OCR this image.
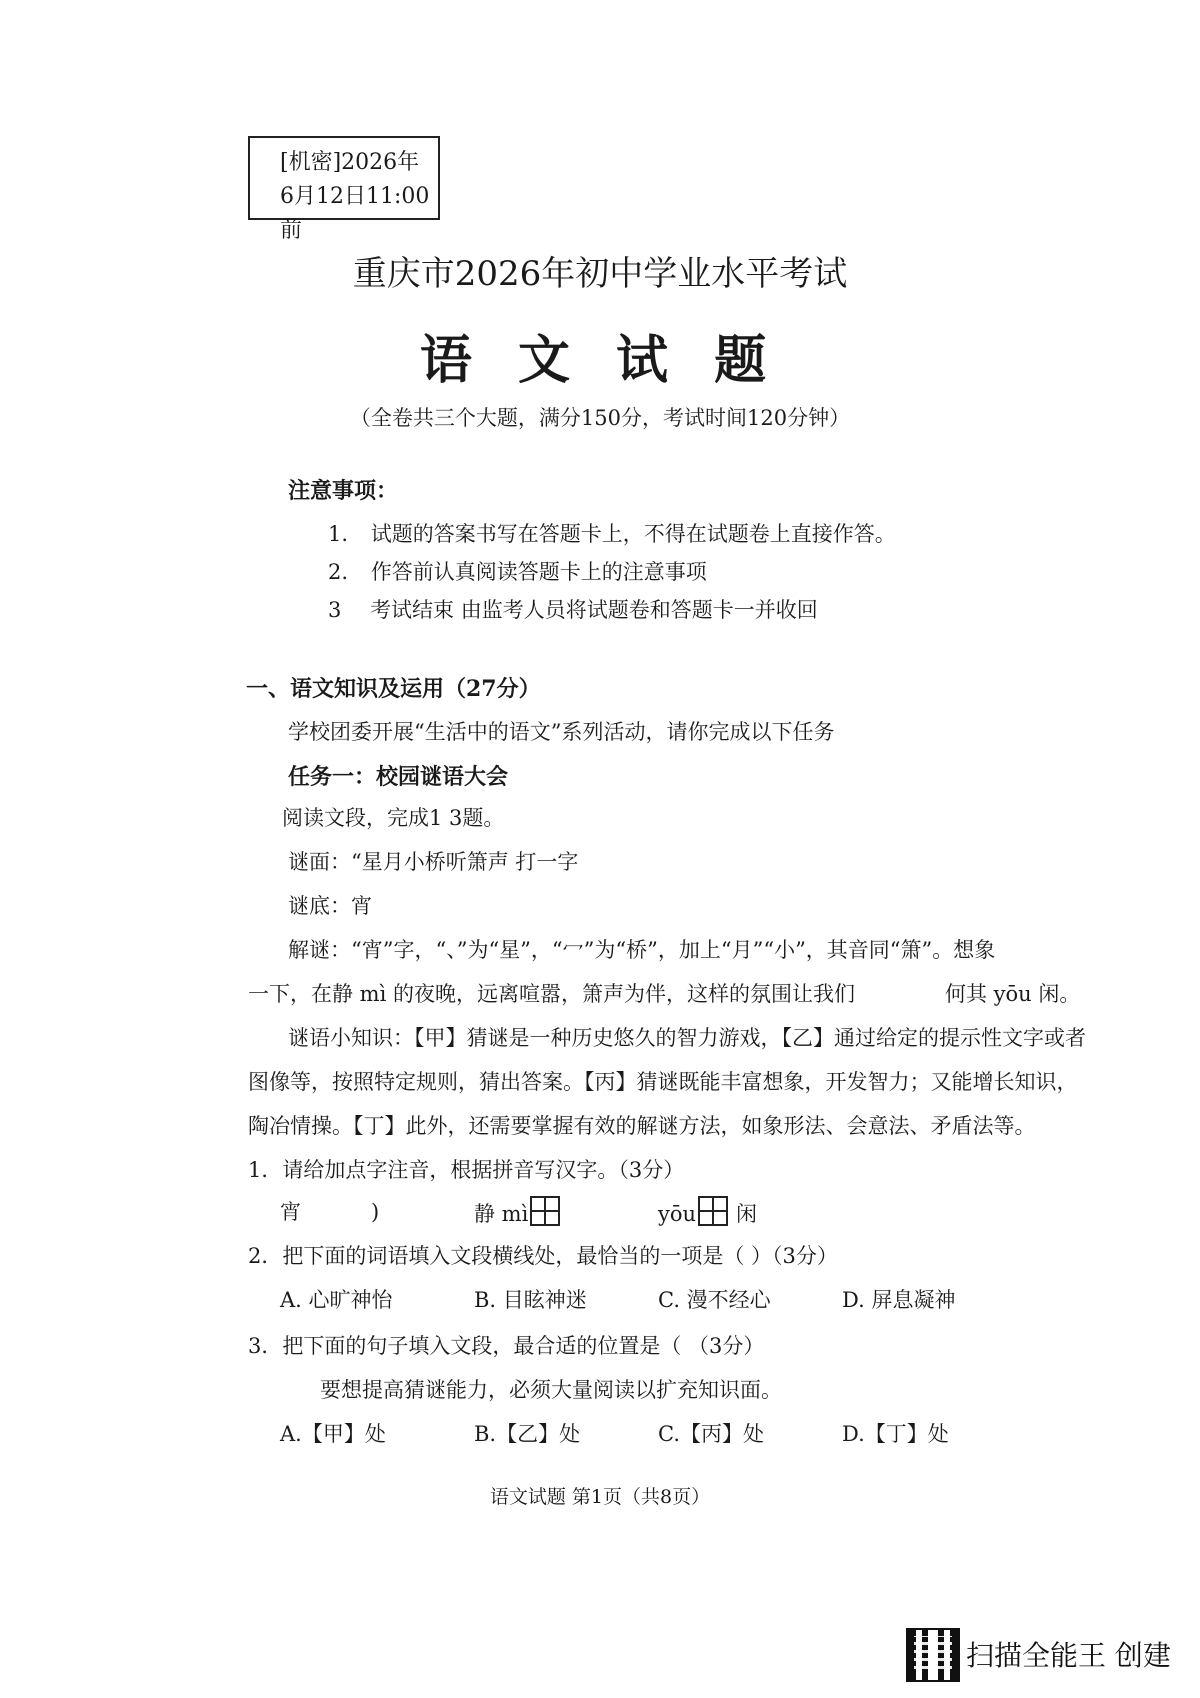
[机密]2026年
6月12日11:00前
重庆市2026年初中学业水平考试
语 文 试 题
（全卷共三个大题，满分150分，考试时间120分钟）
注意事项：
1. 试题的答案书写在答题卡上，不得在试题卷上直接作答。
2. 作答前认真阅读答题卡上的注意事项
3 考试结束 由监考人员将试题卷和答题卡一并收回
一、语文知识及运用（27分）
学校团委开展“生活中的语文”系列活动，请你完成以下任务
任务一：校园谜语大会
阅读文段，完成1 3题。
谜面：“星月小桥听箫声 打一字
谜底：宵
解谜：“宵”字，“、”为“星”，“冖”为“桥”，加上“月”“小”，其音同“箫”。想象
一下，在静 mì 的夜晚，远离喧嚣，箫声为伴，这样的氛围让我们	何其 yōu 闲。
谜语小知识：【甲】猜谜是一种历史悠久的智力游戏，【乙】通过给定的提示性文字或者
图像等，按照特定规则，猜出答案。【丙】猜谜既能丰富想象，开发智力；又能增长知识，
陶冶情操。【丁】此外，还需要掌握有效的解谜方法，如象形法、会意法、矛盾法等。
1．请给加点字注音，根据拼音写汉字。（3分）
宵	)	静 mì	yōu 闲
2．把下面的词语填入文段横线处，最恰当的一项是（ ）（3分）
A. 心旷神怡	B. 目眩神迷	C. 漫不经心	D. 屏息凝神
3．把下面的句子填入文段，最合适的位置是（ （3分）
要想提高猜谜能力，必须大量阅读以扩充知识面。
A.【甲】处	B.【乙】处	C.【丙】处	D.【丁】处
语文试题 第1页（共8页）
扫描全能王 创建
